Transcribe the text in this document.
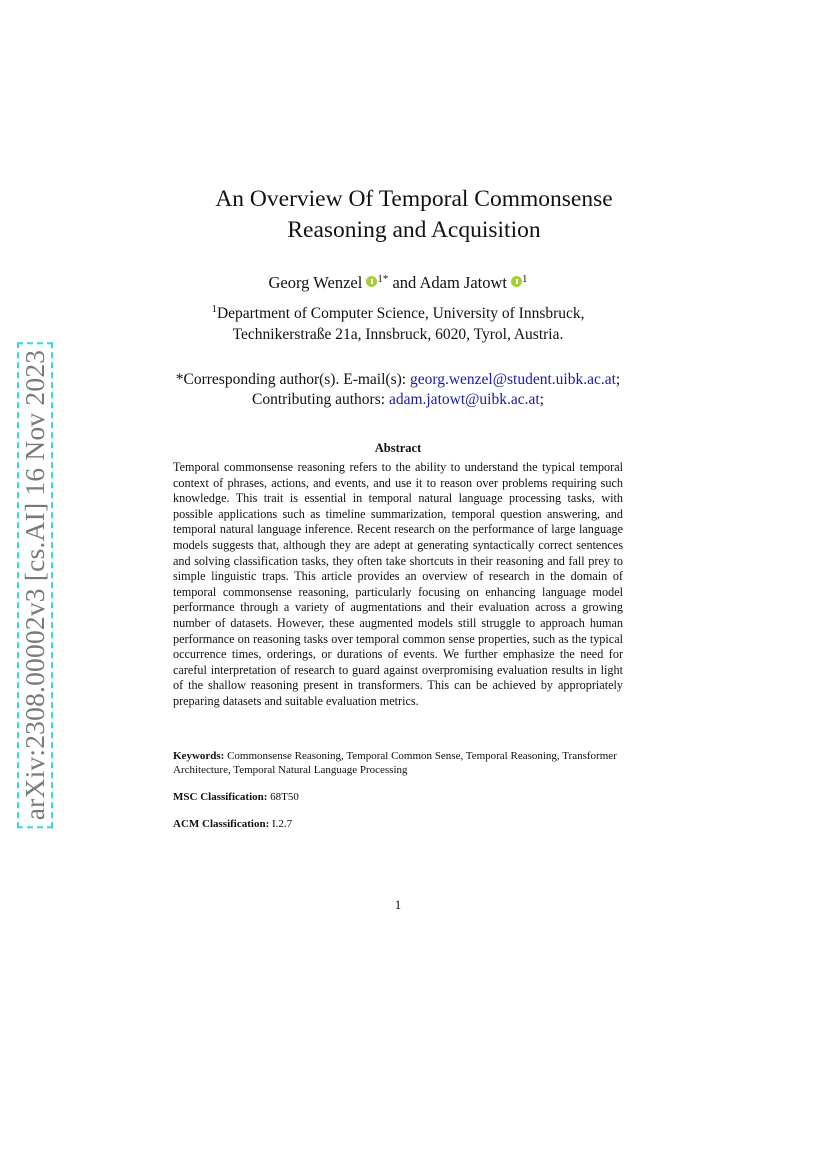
arXiv:2308.00002v3 [cs.AI] 16 Nov 2023
An Overview Of Temporal Commonsense
Reasoning and Acquisition
Georg Wenzel $^{1*}$ and Adam Jatowt $^1$
$^1$Department of Computer Science, University of Innsbruck,
Technikerstraße 21a, Innsbruck, 6020, Tyrol, Austria.
*Corresponding author(s). E-mail(s): georg.wenzel@student.uibk.ac.at;
Contributing authors: adam.jatowt@uibk.ac.at;
Abstract
Temporal commonsense reasoning refers to the ability to understand the typical temporal context of phrases, actions, and events, and use it to reason over problems requiring such knowledge. This trait is essential in temporal natural language processing tasks, with possible applications such as timeline summarization, temporal question answering, and temporal natural language inference. Recent research on the performance of large language models suggests that, although they are adept at generating syntactically correct sentences and solving classification tasks, they often take shortcuts in their reasoning and fall prey to simple linguistic traps. This article provides an overview of research in the domain of temporal commonsense reasoning, particularly focusing on enhancing language model performance through a variety of augmentations and their evaluation across a growing number of datasets. However, these augmented models still struggle to approach human performance on reasoning tasks over temporal common sense properties, such as the typical occurrence times, orderings, or durations of events. We further emphasize the need for careful interpretation of research to guard against overpromising evaluation results in light of the shallow reasoning present in transformers. This can be achieved by appropriately preparing datasets and suitable evaluation metrics.
Keywords: Commonsense Reasoning, Temporal Common Sense, Temporal Reasoning, Transformer Architecture, Temporal Natural Language Processing
MSC Classification: 68T50
ACM Classification: I.2.7
1
